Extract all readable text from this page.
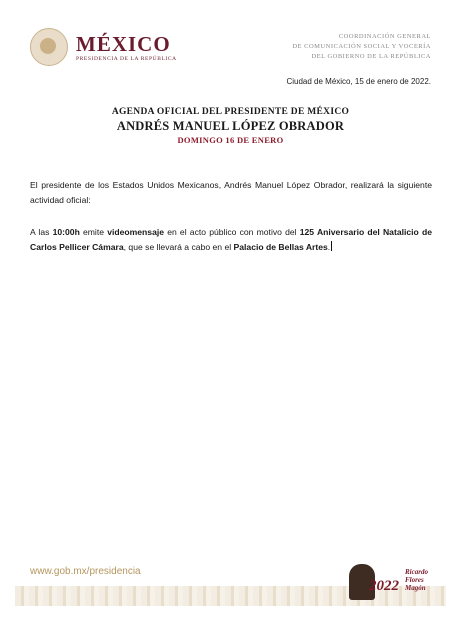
MÉXICO
PRESIDENCIA DE LA REPÚBLICA
COORDINACIÓN GENERAL
DE COMUNICACIÓN SOCIAL Y VOCERÍA
DEL GOBIERNO DE LA REPÚBLICA
Ciudad de México, 15 de enero de 2022.
AGENDA OFICIAL DEL PRESIDENTE DE MÉXICO
ANDRÉS MANUEL LÓPEZ OBRADOR
DOMINGO 16 DE ENERO
El presidente de los Estados Unidos Mexicanos, Andrés Manuel López Obrador, realizará la siguiente actividad oficial:
A las 10:00h emite videomensaje en el acto público con motivo del 125 Aniversario del Natalicio de Carlos Pellicer Cámara, que se llevará a cabo en el Palacio de Bellas Artes.
www.gob.mx/presidencia
2022
Ricardo
Flores
Magón
